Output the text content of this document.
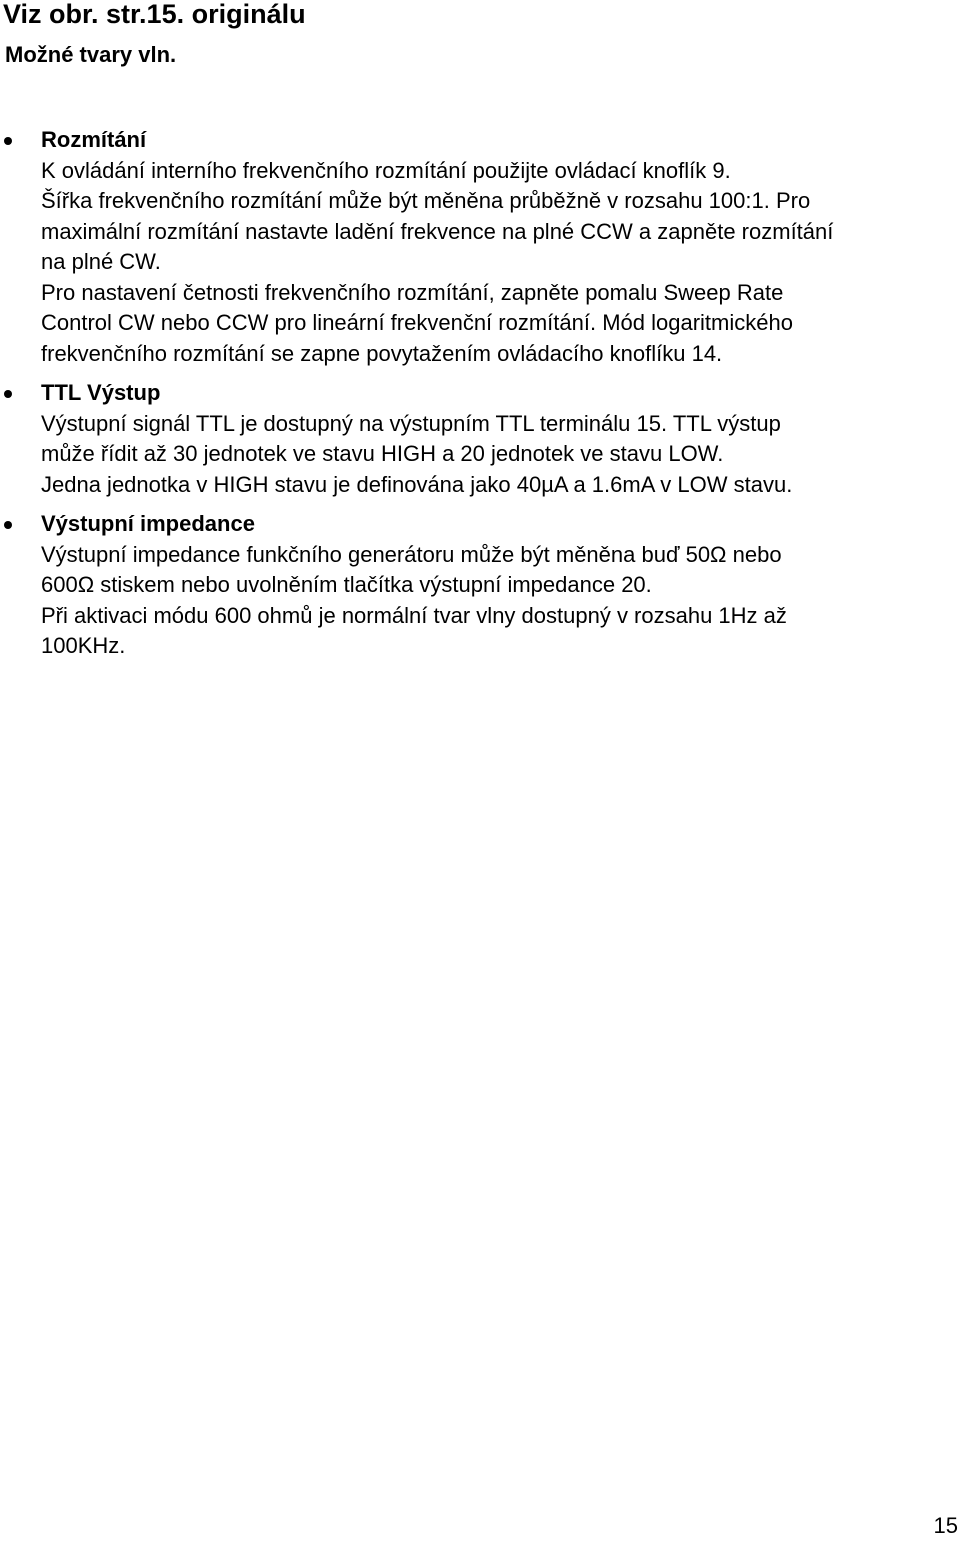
Viz obr. str.15. originálu
Možné tvary vln.
Rozmítání
K ovládání interního frekvenčního rozmítání použijte ovládací knoflík 9.
Šířka frekvenčního rozmítání může být měněna průběžně v rozsahu 100:1. Pro
maximální rozmítání nastavte ladění frekvence na plné CCW a zapněte rozmítání
na plné CW.
Pro nastavení četnosti frekvenčního rozmítání, zapněte pomalu Sweep Rate
Control CW nebo CCW pro lineární frekvenční rozmítání. Mód logaritmického
frekvenčního rozmítání se zapne povytažením ovládacího knoflíku 14.
TTL Výstup
Výstupní signál TTL je dostupný na výstupním TTL terminálu 15. TTL výstup
může řídit až 30 jednotek ve stavu HIGH a 20 jednotek ve stavu LOW.
Jedna jednotka v HIGH stavu je definována jako 40µA a 1.6mA v LOW stavu.
Výstupní impedance
Výstupní impedance funkčního generátoru může být měněna buď 50Ω nebo
600Ω stiskem nebo uvolněním tlačítka výstupní impedance 20.
Při aktivaci módu 600 ohmů je normální tvar vlny dostupný v rozsahu 1Hz až
100KHz.
15
